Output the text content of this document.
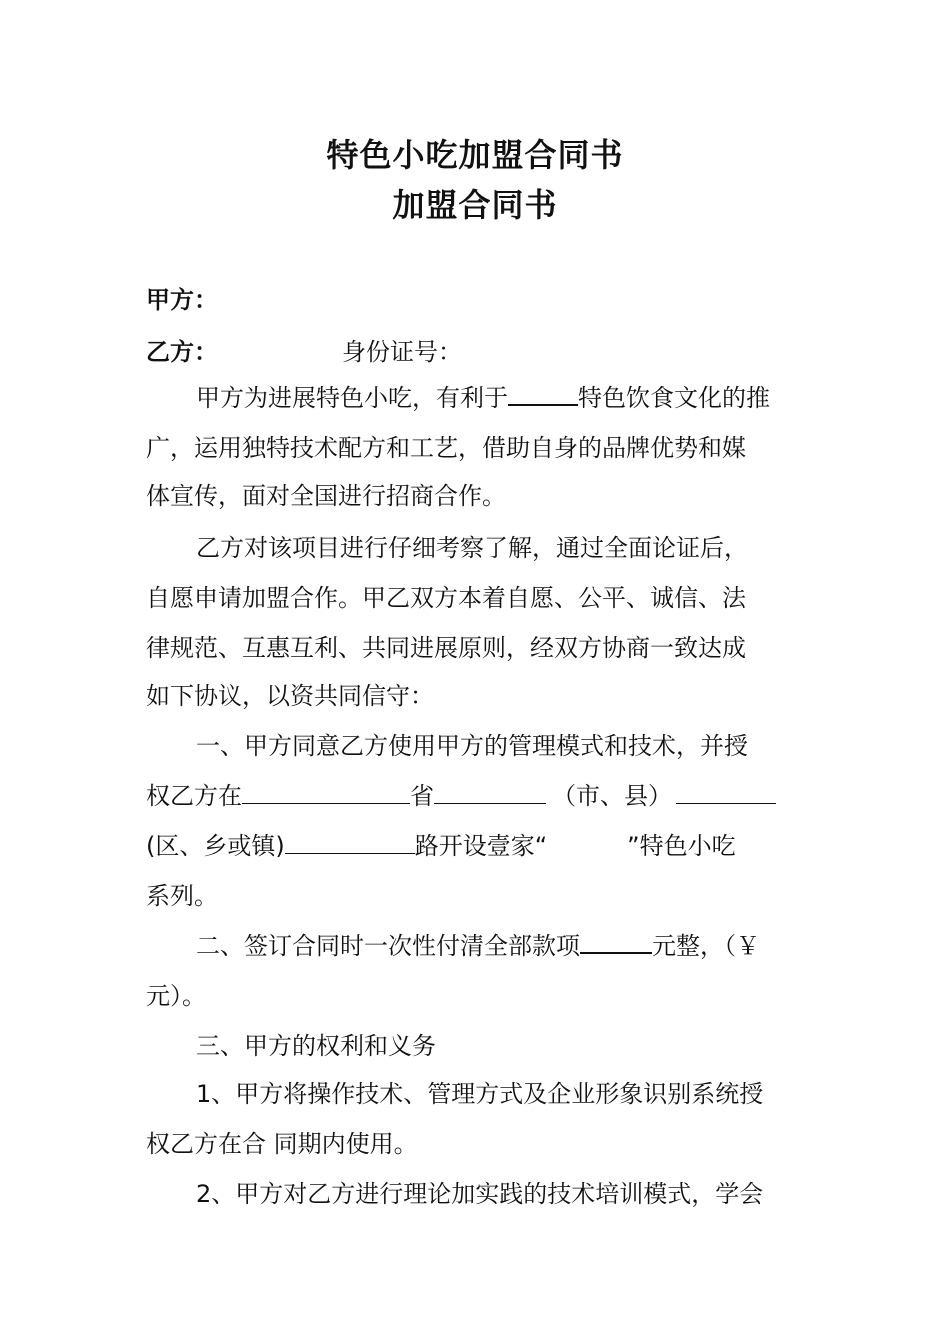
特色小吃加盟合同书
加盟合同书
甲方：
乙方：	身份证号：
甲方为进展特色小吃，有利于	特色饮食文化的推
广，运用独特技术配方和工艺，借助自身的品牌优势和媒
体宣传，面对全国进行招商合作。
乙方对该项目进行仔细考察了解，通过全面论证后，
自愿申请加盟合作。甲乙双方本着自愿、公平、诚信、法
律规范、互惠互利、共同进展原则，经双方协商一致达成
如下协议，以资共同信守：
一、甲方同意乙方使用甲方的管理模式和技术，并授
权乙方在	省	（市、县）
(区、乡或镇)	路开设壹家“	”特色小吃
系列。
二、签订合同时一次性付清全部款项	元整，（￥
元）。
三、甲方的权利和义务
1、甲方将操作技术、管理方式及企业形象识别系统授
权乙方在合 同期内使用。
2、甲方对乙方进行理论加实践的技术培训模式，学会
